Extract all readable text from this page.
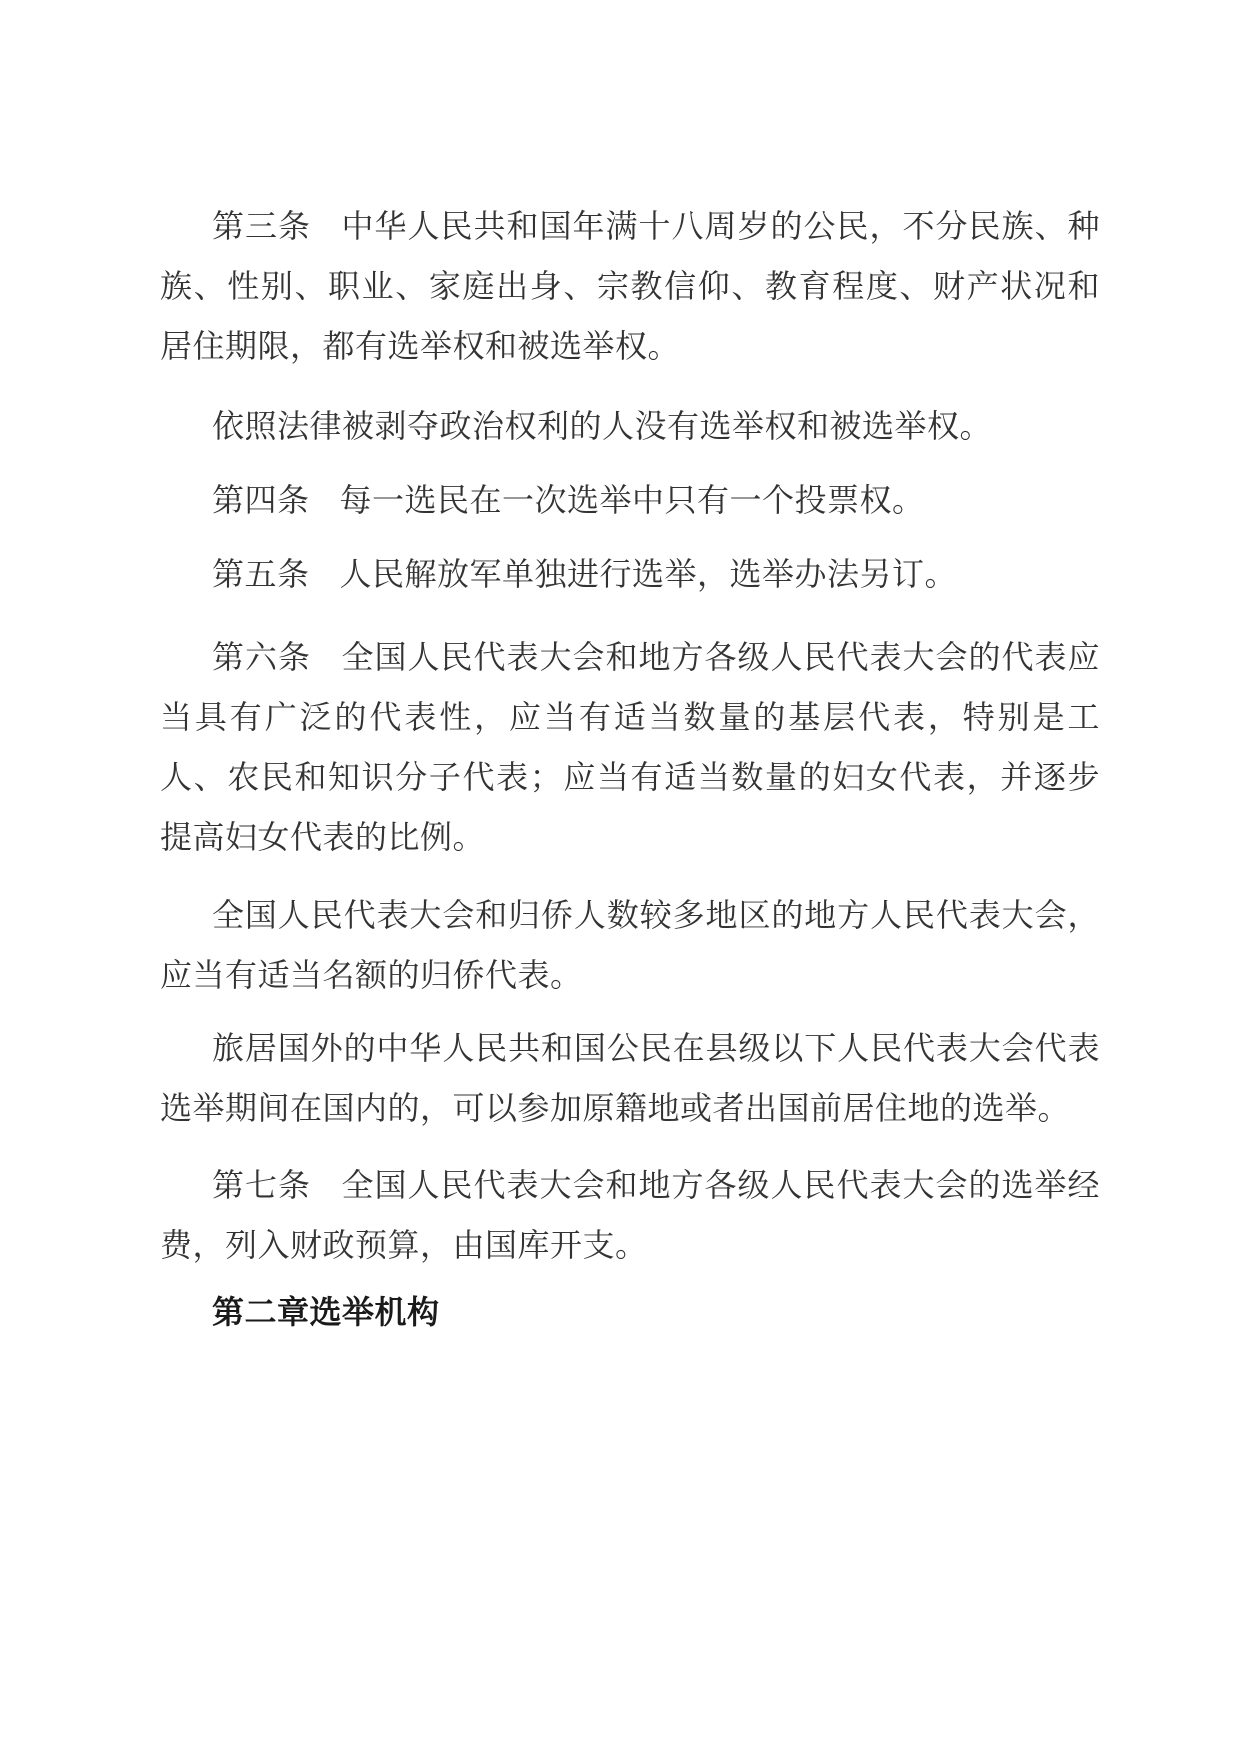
第三条 中华人民共和国年满十八周岁的公民，不分民族、种族、性别、职业、家庭出身、宗教信仰、教育程度、财产状况和居住期限，都有选举权和被选举权。

依照法律被剥夺政治权利的人没有选举权和被选举权。

第四条 每一选民在一次选举中只有一个投票权。

第五条 人民解放军单独进行选举，选举办法另订。

第六条 全国人民代表大会和地方各级人民代表大会的代表应当具有广泛的代表性，应当有适当数量的基层代表，特别是工人、农民和知识分子代表；应当有适当数量的妇女代表，并逐步提高妇女代表的比例。

全国人民代表大会和归侨人数较多地区的地方人民代表大会，应当有适当名额的归侨代表。

旅居国外的中华人民共和国公民在县级以下人民代表大会代表选举期间在国内的，可以参加原籍地或者出国前居住地的选举。

第七条 全国人民代表大会和地方各级人民代表大会的选举经费，列入财政预算，由国库开支。

第二章选举机构
